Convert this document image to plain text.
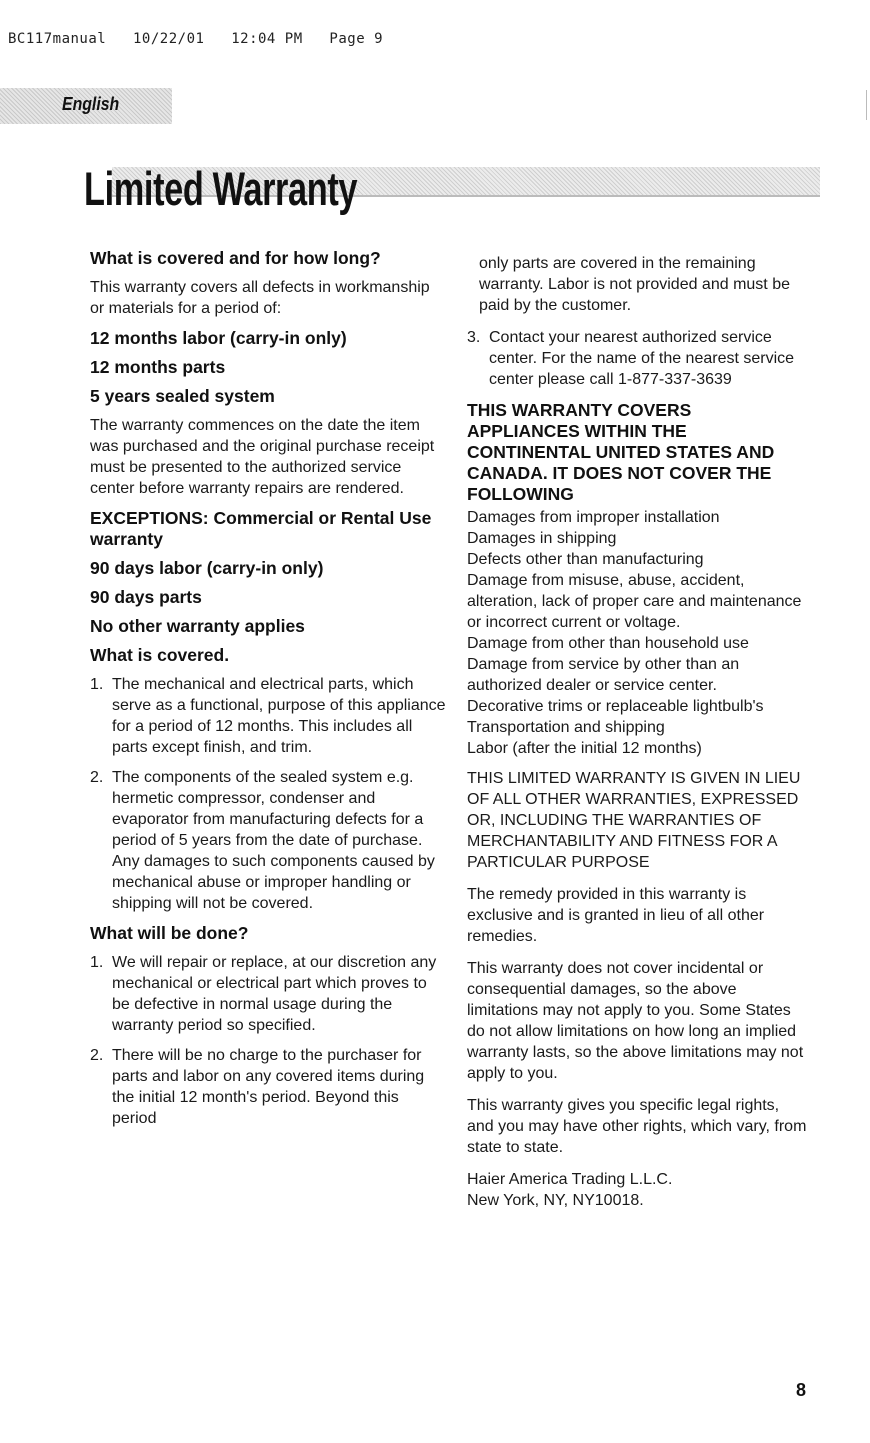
BC117manual   10/22/01   12:04 PM   Page 9
English
Limited Warranty
What is covered and for how long?
This warranty covers all defects in workmanship or materials for a period of:
12 months labor (carry-in only)
12 months parts
5 years sealed system
The warranty commences on the date the item was purchased and the original purchase receipt must be presented to the authorized service center before warranty repairs are rendered.
EXCEPTIONS: Commercial or Rental Use warranty
90 days labor (carry-in only)
90 days parts
No other warranty applies
What is covered.
1. The mechanical and electrical parts, which serve as a functional, purpose of this appliance for a period of 12 months. This includes all parts except finish, and trim.
2. The components of the sealed system e.g. hermetic compressor, condenser and evaporator from manufacturing defects for a period of 5 years from the date of purchase. Any damages to such components caused by mechanical abuse or improper handling or shipping will not be covered.
What will be done?
1. We will repair or replace, at our discretion any mechanical or electrical part which proves to be defective in normal usage during the warranty period so specified.
2. There will be no charge to the purchaser for parts and labor on any covered items during the initial 12 month's period. Beyond this period
only parts are covered in the remaining warranty. Labor is not provided and must be paid by the customer.
3. Contact your nearest authorized service center. For the name of the nearest service center please call 1-877-337-3639
THIS WARRANTY COVERS APPLIANCES WITHIN THE CONTINENTAL UNITED STATES AND CANADA. IT DOES NOT COVER THE FOLLOWING
Damages from improper installation
Damages in shipping
Defects other than manufacturing
Damage from misuse, abuse, accident, alteration, lack of proper care and maintenance or incorrect current or voltage.
Damage from other than household use
Damage from service by other than an authorized dealer or service center.
Decorative trims or replaceable lightbulb's
Transportation and shipping
Labor (after the initial 12 months)
THIS LIMITED WARRANTY IS GIVEN IN LIEU OF ALL OTHER WARRANTIES, EXPRESSED OR, INCLUDING THE WARRANTIES OF MERCHANTABILITY AND FITNESS FOR A PARTICULAR PURPOSE
The remedy provided in this warranty is exclusive and is granted in lieu of all other remedies.
This warranty does not cover incidental or consequential damages, so the above limitations may not apply to you. Some States do not allow limitations on how long an implied warranty lasts, so the above limitations may not apply to you.
This warranty gives you specific legal rights, and you may have other rights, which vary, from state to state.
Haier America Trading L.L.C.
New York, NY, NY10018.
8
